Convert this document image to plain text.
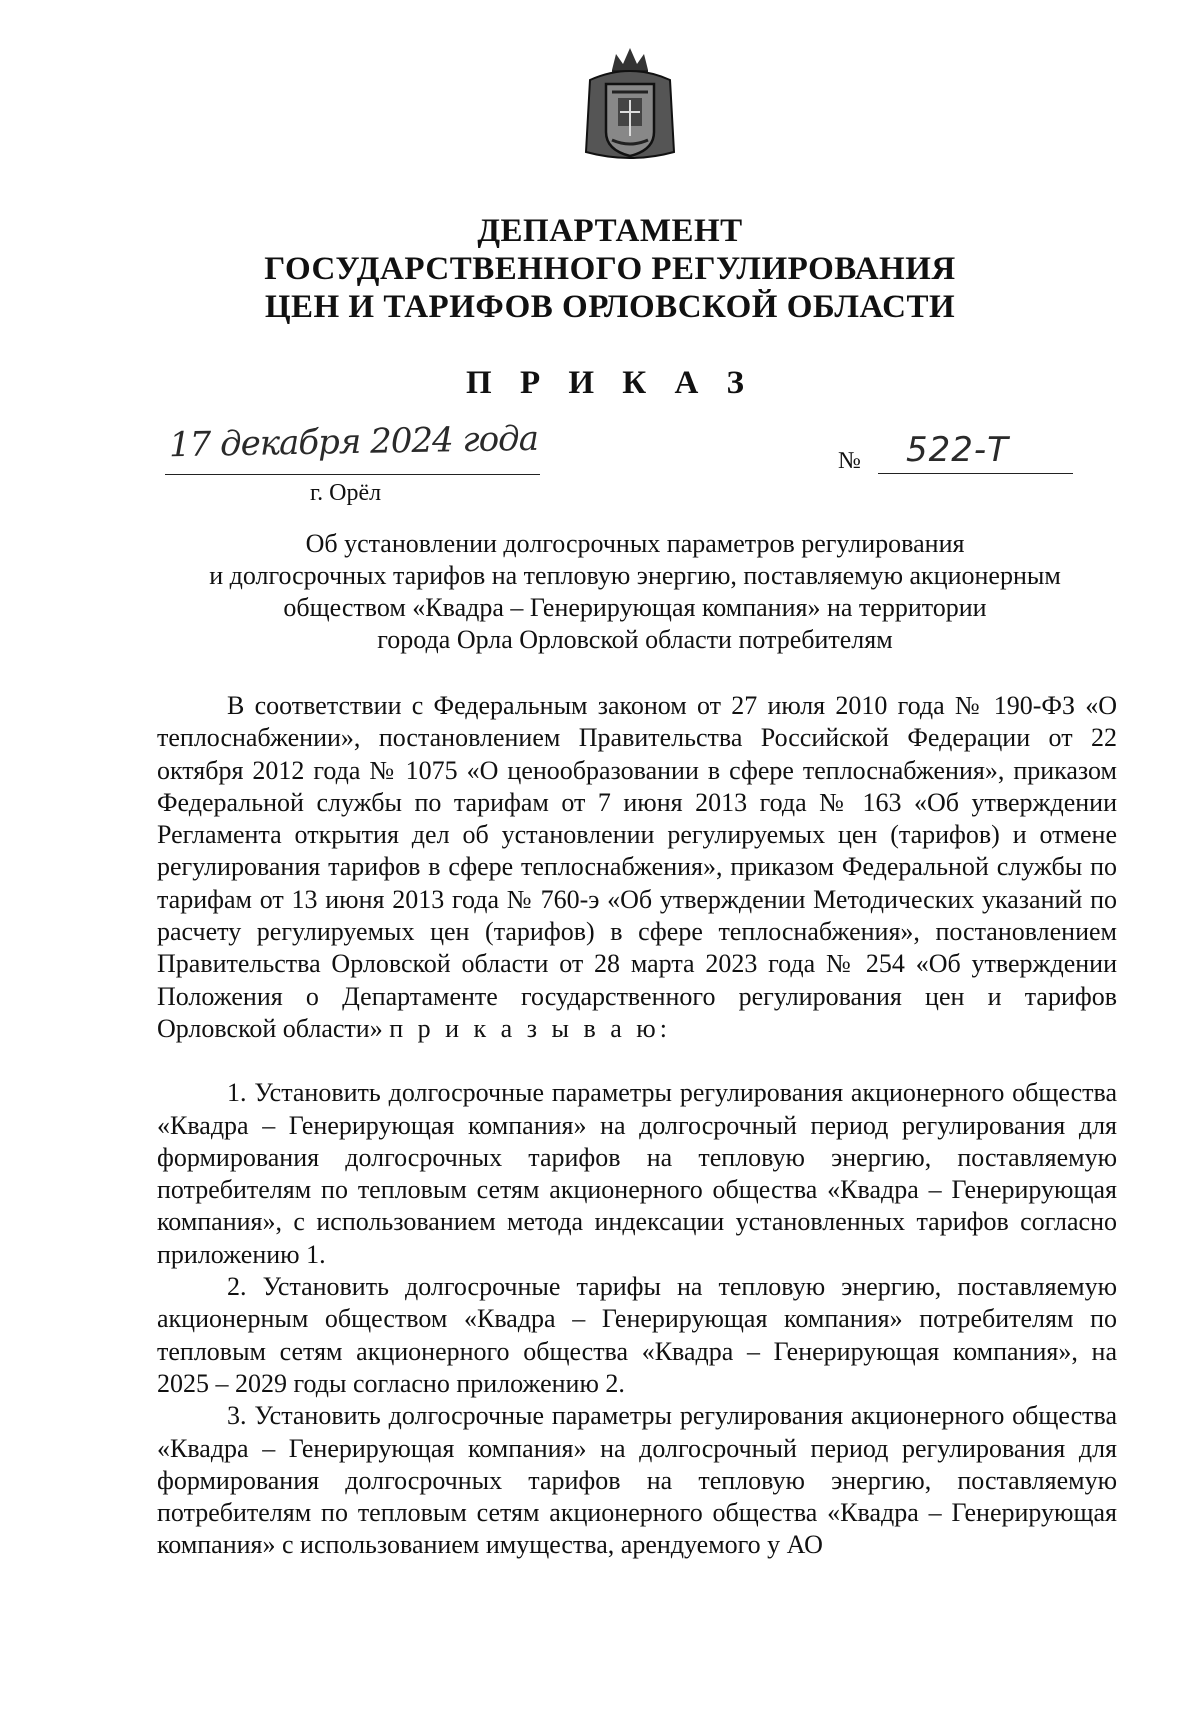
ДЕПАРТАМЕНТ
ГОСУДАРСТВЕННОГО РЕГУЛИРОВАНИЯ
ЦЕН И ТАРИФОВ ОРЛОВСКОЙ ОБЛАСТИ
П Р И К А З
17 декабря 2024 года
г. Орёл
№ 522-Т
Об установлении долгосрочных параметров регулирования
и долгосрочных тарифов на тепловую энергию, поставляемую акционерным
обществом «Квадра – Генерирующая компания» на территории
города Орла Орловской области потребителям

В соответствии с Федеральным законом от 27 июля 2010 года № 190-ФЗ «О теплоснабжении», постановлением Правительства Российской Федерации от 22 октября 2012 года № 1075 «О ценообразовании в сфере теплоснабжения», приказом Федеральной службы по тарифам от 7 июня 2013 года № 163 «Об утверждении Регламента открытия дел об установлении регулируемых цен (тарифов) и отмене регулирования тарифов в сфере теплоснабжения», приказом Федеральной службы по тарифам от 13 июня 2013 года № 760-э «Об утверждении Методических указаний по расчету регулируемых цен (тарифов) в сфере теплоснабжения», постановлением Правительства Орловской области от 28 марта 2023 года № 254 «Об утверждении Положения о Департаменте государственного регулирования цен и тарифов Орловской области» п р и к а з ы в а ю:

1. Установить долгосрочные параметры регулирования акционерного общества «Квадра – Генерирующая компания» на долгосрочный период регулирования для формирования долгосрочных тарифов на тепловую энергию, поставляемую потребителям по тепловым сетям акционерного общества «Квадра – Генерирующая компания», с использованием метода индексации установленных тарифов согласно приложению 1.

2. Установить долгосрочные тарифы на тепловую энергию, поставляемую акционерным обществом «Квадра – Генерирующая компания» потребителям по тепловым сетям акционерного общества «Квадра – Генерирующая компания», на 2025 – 2029 годы согласно приложению 2.

3. Установить долгосрочные параметры регулирования акционерного общества «Квадра – Генерирующая компания» на долгосрочный период регулирования для формирования долгосрочных тарифов на тепловую энергию, поставляемую потребителям по тепловым сетям акционерного общества «Квадра – Генерирующая компания» с использованием имущества, арендуемого у АО
